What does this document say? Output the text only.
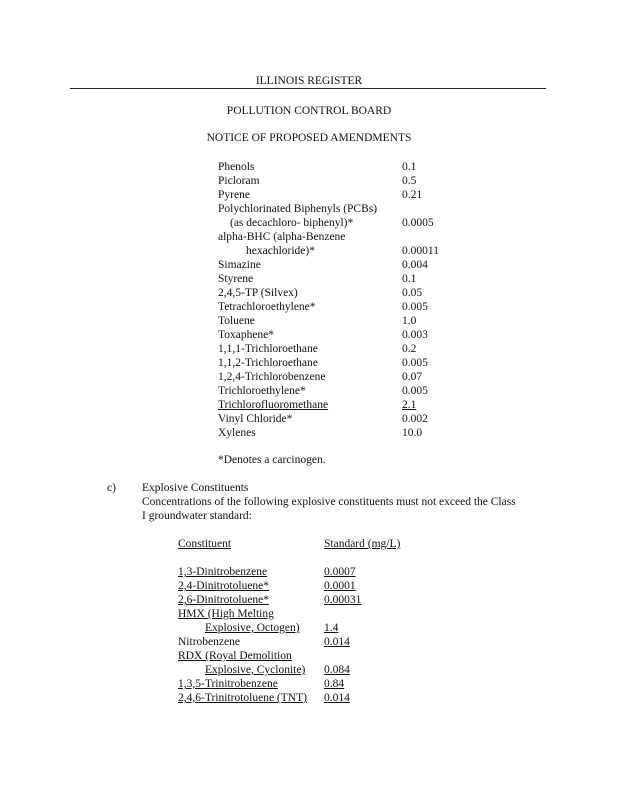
ILLINOIS REGISTER
POLLUTION CONTROL BOARD
NOTICE OF PROPOSED AMENDMENTS
Phenols	0.1
Picloram	0.5
Pyrene	0.21
Polychlorinated Biphenyls (PCBs)
(as decachloro- biphenyl)*	0.0005
alpha-BHC (alpha-Benzene
hexachloride)*	0.00011
Simazine	0.004
Styrene	0.1
2,4,5-TP (Silvex)	0.05
Tetrachloroethylene*	0.005
Toluene	1.0
Toxaphene*	0.003
1,1,1-Trichloroethane	0.2
1,1,2-Trichloroethane	0.005
1,2,4-Trichlorobenzene	0.07
Trichloroethylene*	0.005
Trichlorofluoromethane	2.1
Vinyl Chloride*	0.002
Xylenes	10.0
*Denotes a carcinogen.
c) Explosive Constituents
Concentrations of the following explosive constituents must not exceed the Class
I groundwater standard:
Constituent	Standard (mg/L)
1,3-Dinitrobenzene	0.0007
2,4-Dinitrotoluene*	0.0001
2,6-Dinitrotoluene*	0.00031
HMX (High Melting
Explosive, Octogen) 1.4
Nitrobenzene	0.014
RDX (Royal Demolition
Explosive, Cyclonite) 0.084
1,3,5-Trinitrobenzene	0.84
2,4,6-Trinitrotoluene (TNT) 0.014
